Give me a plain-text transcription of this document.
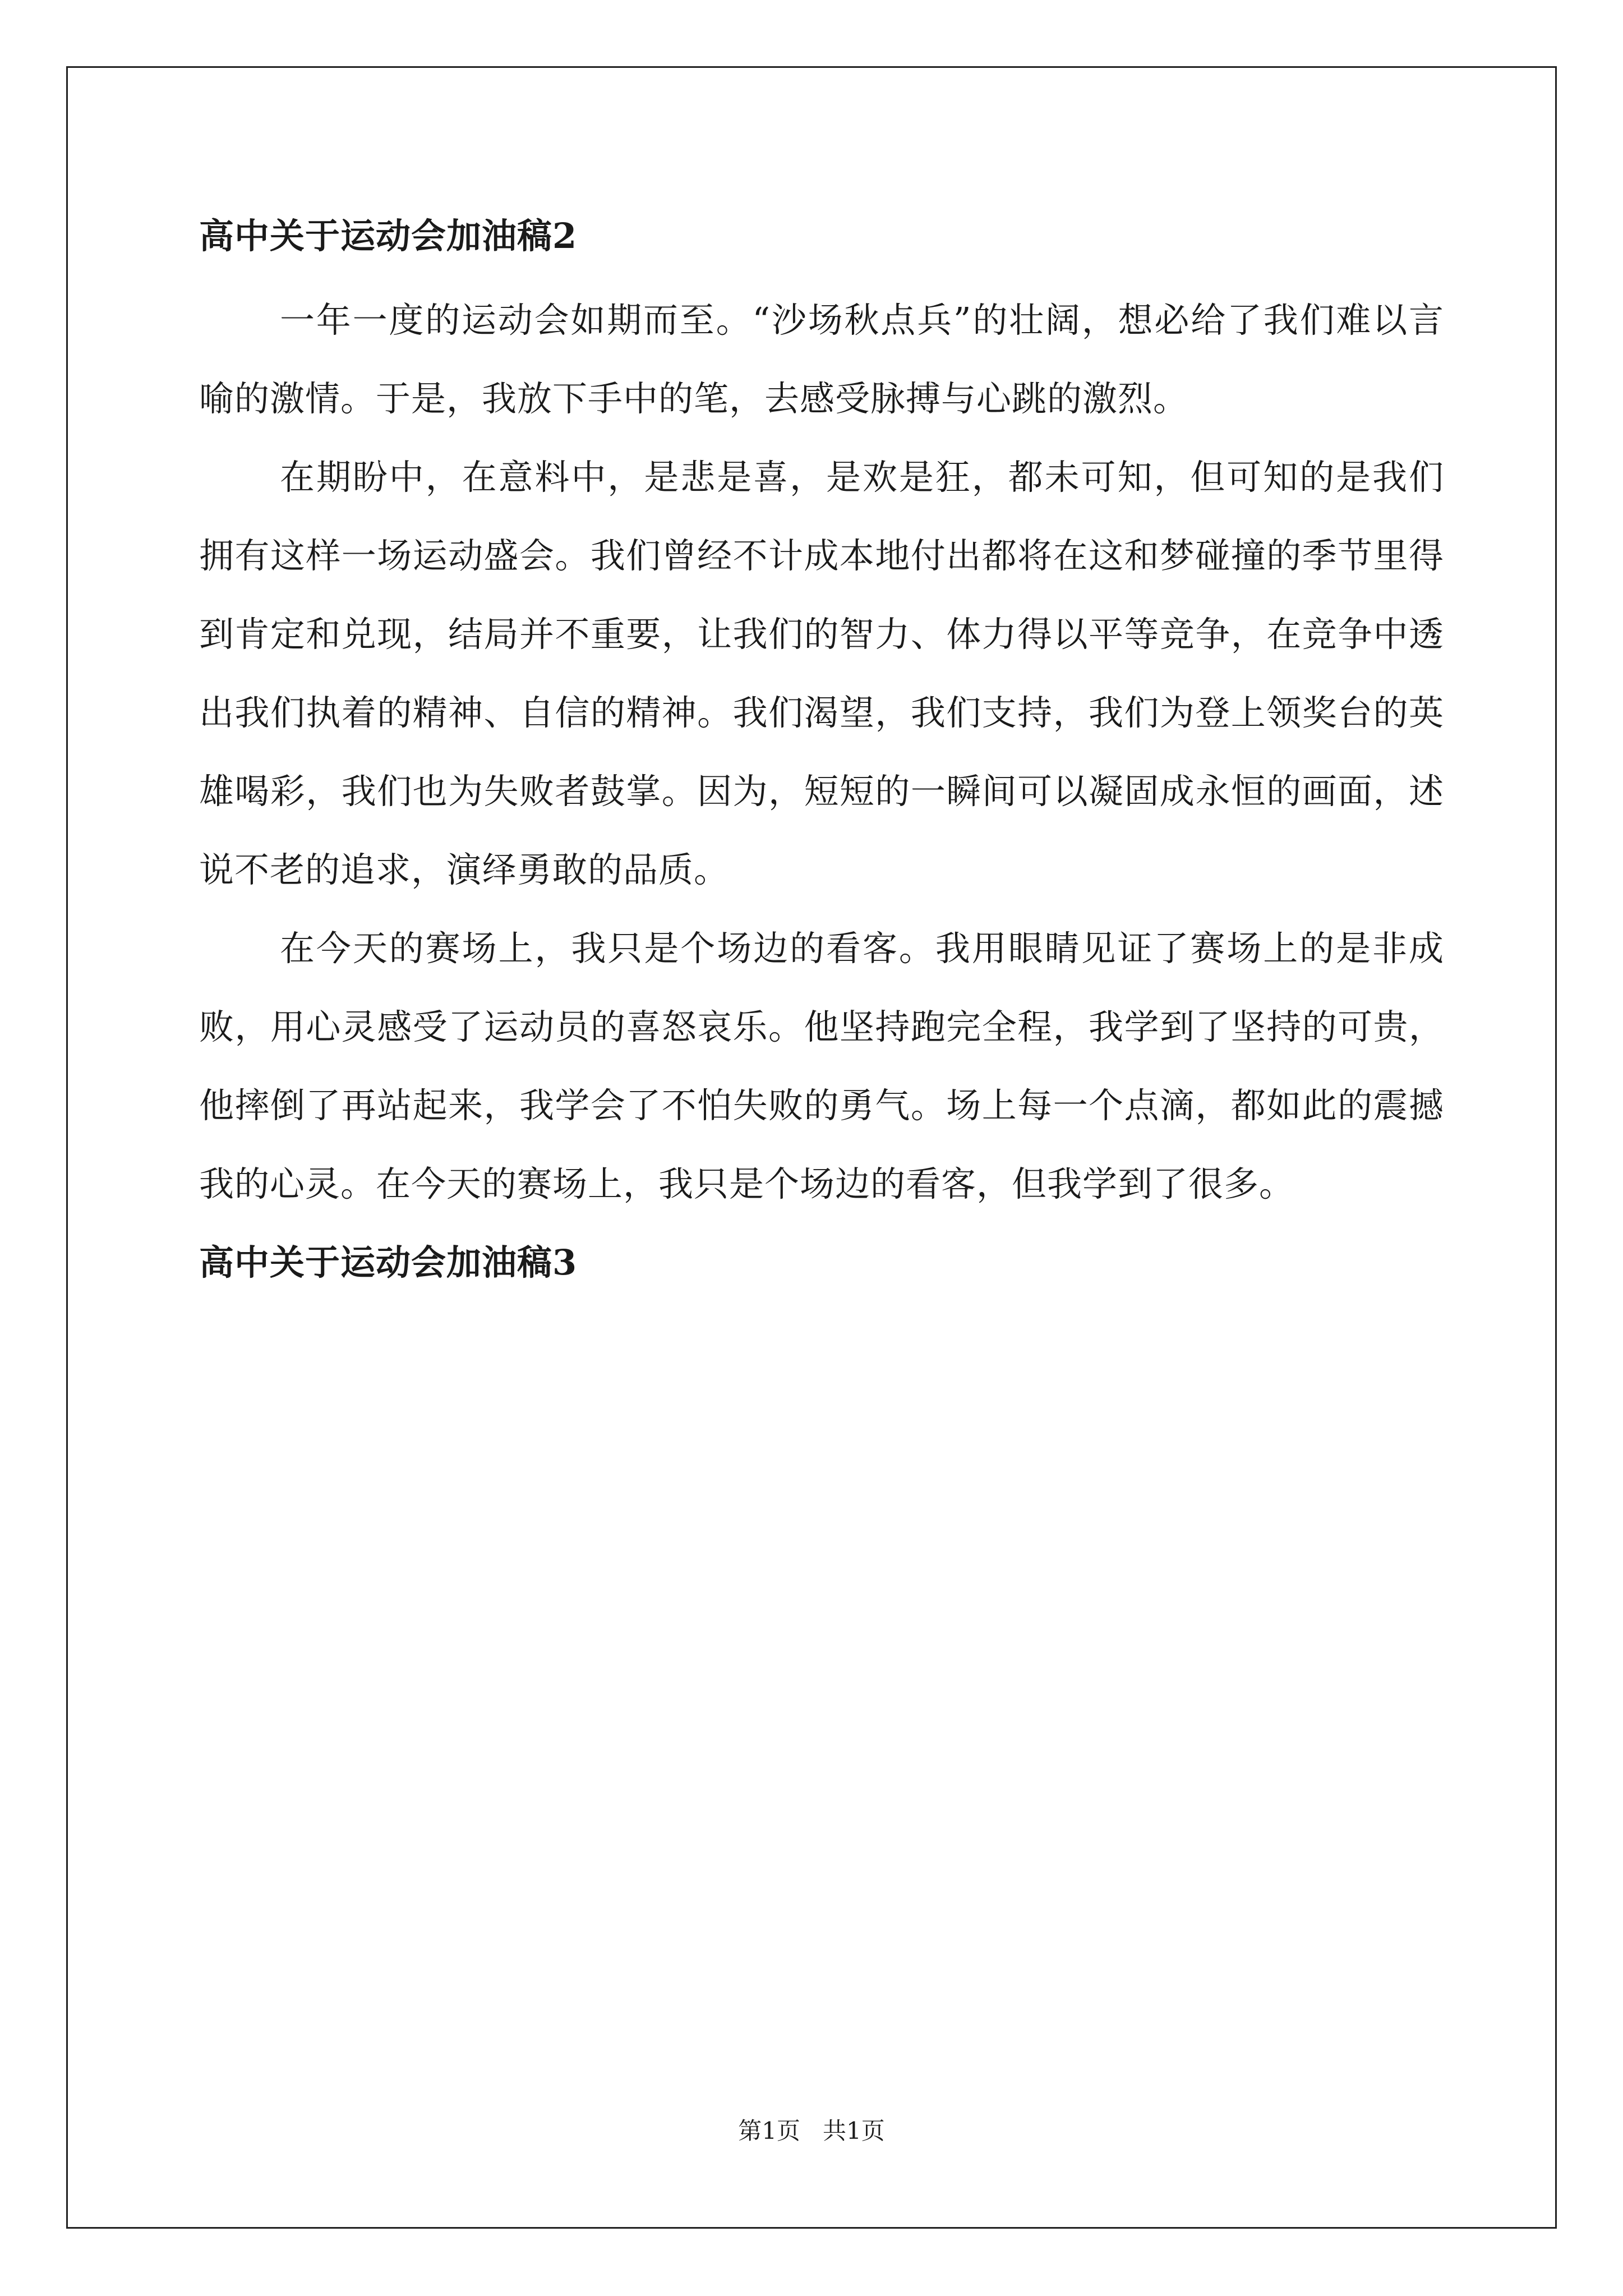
高中关于运动会加油稿2

一年一度的运动会如期而至。“沙场秋点兵”的壮阔，想必给了我们难以言喻的激情。于是，我放下手中的笔，去感受脉搏与心跳的激烈。

在期盼中，在意料中，是悲是喜，是欢是狂，都未可知，但可知的是我们拥有这样一场运动盛会。我们曾经不计成本地付出都将在这和梦碰撞的季节里得到肯定和兑现，结局并不重要，让我们的智力、体力得以平等竞争，在竞争中透出我们执着的精神、自信的精神。我们渴望，我们支持，我们为登上领奖台的英雄喝彩，我们也为失败者鼓掌。因为，短短的一瞬间可以凝固成永恒的画面，述说不老的追求，演绎勇敢的品质。

在今天的赛场上，我只是个场边的看客。我用眼睛见证了赛场上的是非成败，用心灵感受了运动员的喜怒哀乐。他坚持跑完全程，我学到了坚持的可贵，他摔倒了再站起来，我学会了不怕失败的勇气。场上每一个点滴，都如此的震撼我的心灵。在今天的赛场上，我只是个场边的看客，但我学到了很多。

高中关于运动会加油稿3
第1页   共1页
